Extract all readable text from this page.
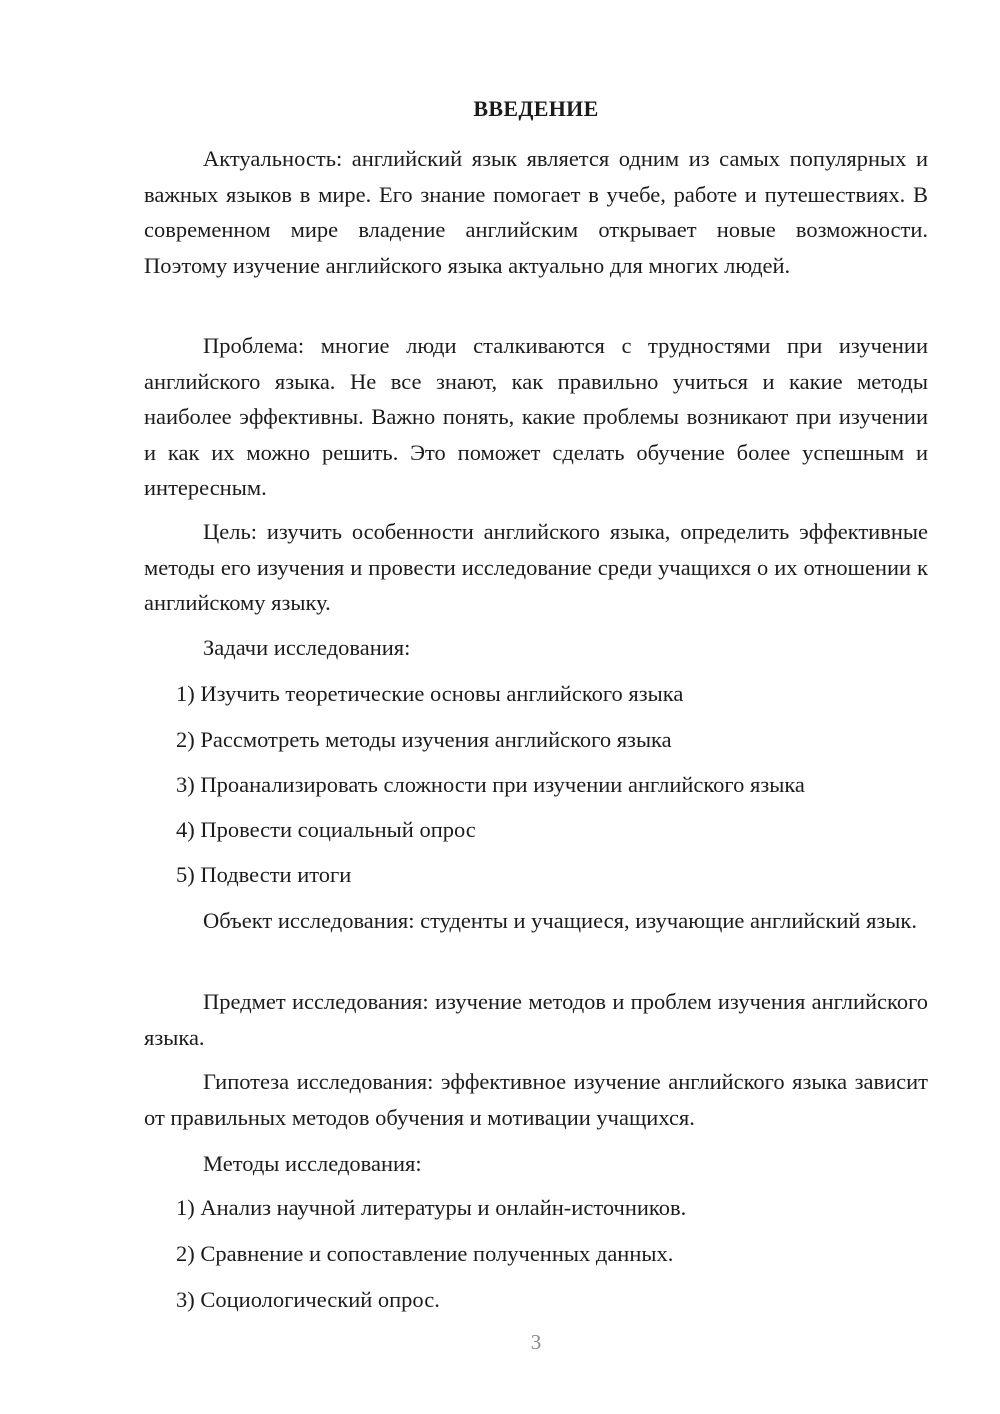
ВВЕДЕНИЕ

Актуальность: английский язык является одним из самых популярных и важных языков в мире. Его знание помогает в учебе, работе и путешествиях. В современном мире владение английским открывает новые возможности. Поэтому изучение английского языка актуально для многих людей.

Проблема: многие люди сталкиваются с трудностями при изучении английского языка. Не все знают, как правильно учиться и какие методы наиболее эффективны. Важно понять, какие проблемы возникают при изучении и как их можно решить. Это поможет сделать обучение более успешным и интересным.

Цель: изучить особенности английского языка, определить эффективные методы его изучения и провести исследование среди учащихся о их отношении к английскому языку.

Задачи исследования:
1) Изучить теоретические основы английского языка
2) Рассмотреть методы изучения английского языка
3) Проанализировать сложности при изучении английского языка
4) Провести социальный опрос
5) Подвести итоги

Объект исследования: студенты и учащиеся, изучающие английский язык.

Предмет исследования: изучение методов и проблем изучения английского языка.

Гипотеза исследования: эффективное изучение английского языка зависит от правильных методов обучения и мотивации учащихся.

Методы исследования:
1) Анализ научной литературы и онлайн-источников.
2) Сравнение и сопоставление полученных данных.
3) Социологический опрос.
3
